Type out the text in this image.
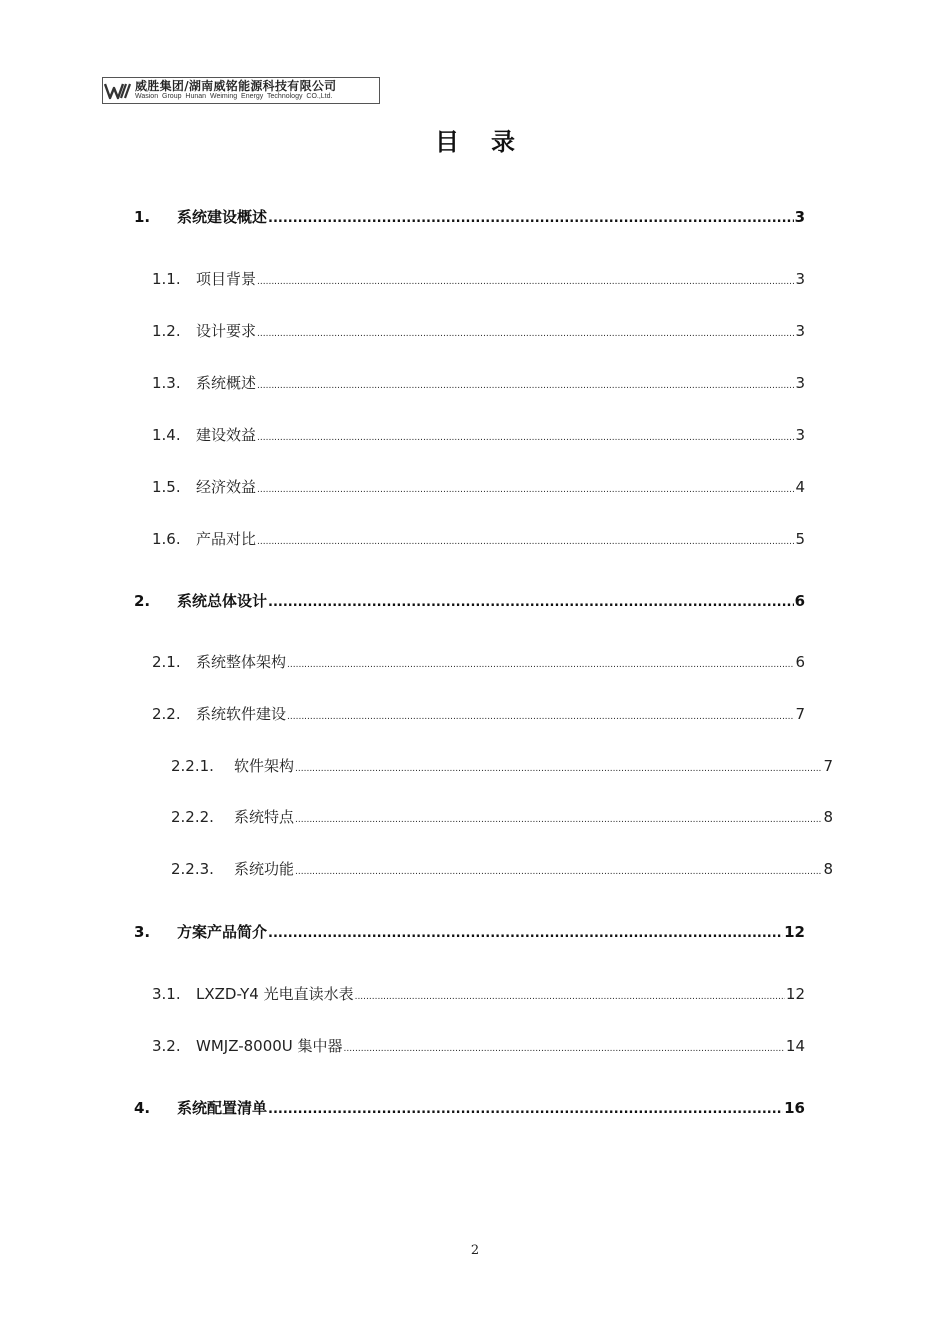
威胜集团/湖南威铭能源科技有限公司
Wasion Group Hunan Weiming Energy Technology CO.,Ltd.
目录
1.	系统建设概述 .....	3
1.1.	项目背景 .....	3
1.2.	设计要求 .....	3
1.3.	系统概述 .....	3
1.4.	建设效益 .....	3
1.5.	经济效益 .....	4
1.6.	产品对比 .....	5
2.	系统总体设计 .....	6
2.1.	系统整体架构 .....	6
2.2.	系统软件建设 .....	7
2.2.1.	软件架构 .....	7
2.2.2.	系统特点 .....	8
2.2.3.	系统功能 .....	8
3.	方案产品简介 .....	12
3.1.	LXZD-Y4 光电直读水表 .....	12
3.2.	WMJZ-8000U 集中器 .....	14
4.	系统配置清单 .....	16
2
